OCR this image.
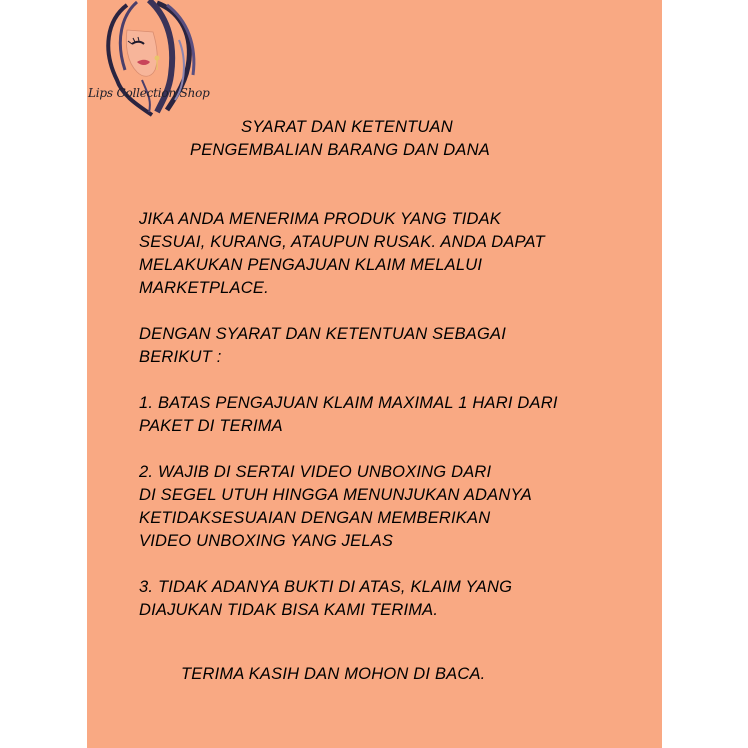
Lips Collection Shop
SYARAT DAN KETENTUAN
PENGEMBALIAN BARANG DAN DANA
JIKA ANDA MENERIMA PRODUK YANG TIDAK
SESUAI, KURANG, ATAUPUN RUSAK. ANDA DAPAT
MELAKUKAN PENGAJUAN KLAIM MELALUI
MARKETPLACE.
DENGAN SYARAT DAN KETENTUAN SEBAGAI
BERIKUT :
1. BATAS PENGAJUAN KLAIM MAXIMAL 1 HARI DARI
PAKET DI TERIMA
2. WAJIB DI SERTAI VIDEO UNBOXING DARI
DI SEGEL UTUH HINGGA MENUNJUKAN ADANYA
KETIDAKSESUAIAN DENGAN MEMBERIKAN
VIDEO UNBOXING YANG JELAS
3. TIDAK ADANYA BUKTI DI ATAS, KLAIM YANG
DIAJUKAN TIDAK BISA KAMI TERIMA.
TERIMA KASIH DAN MOHON DI BACA.
